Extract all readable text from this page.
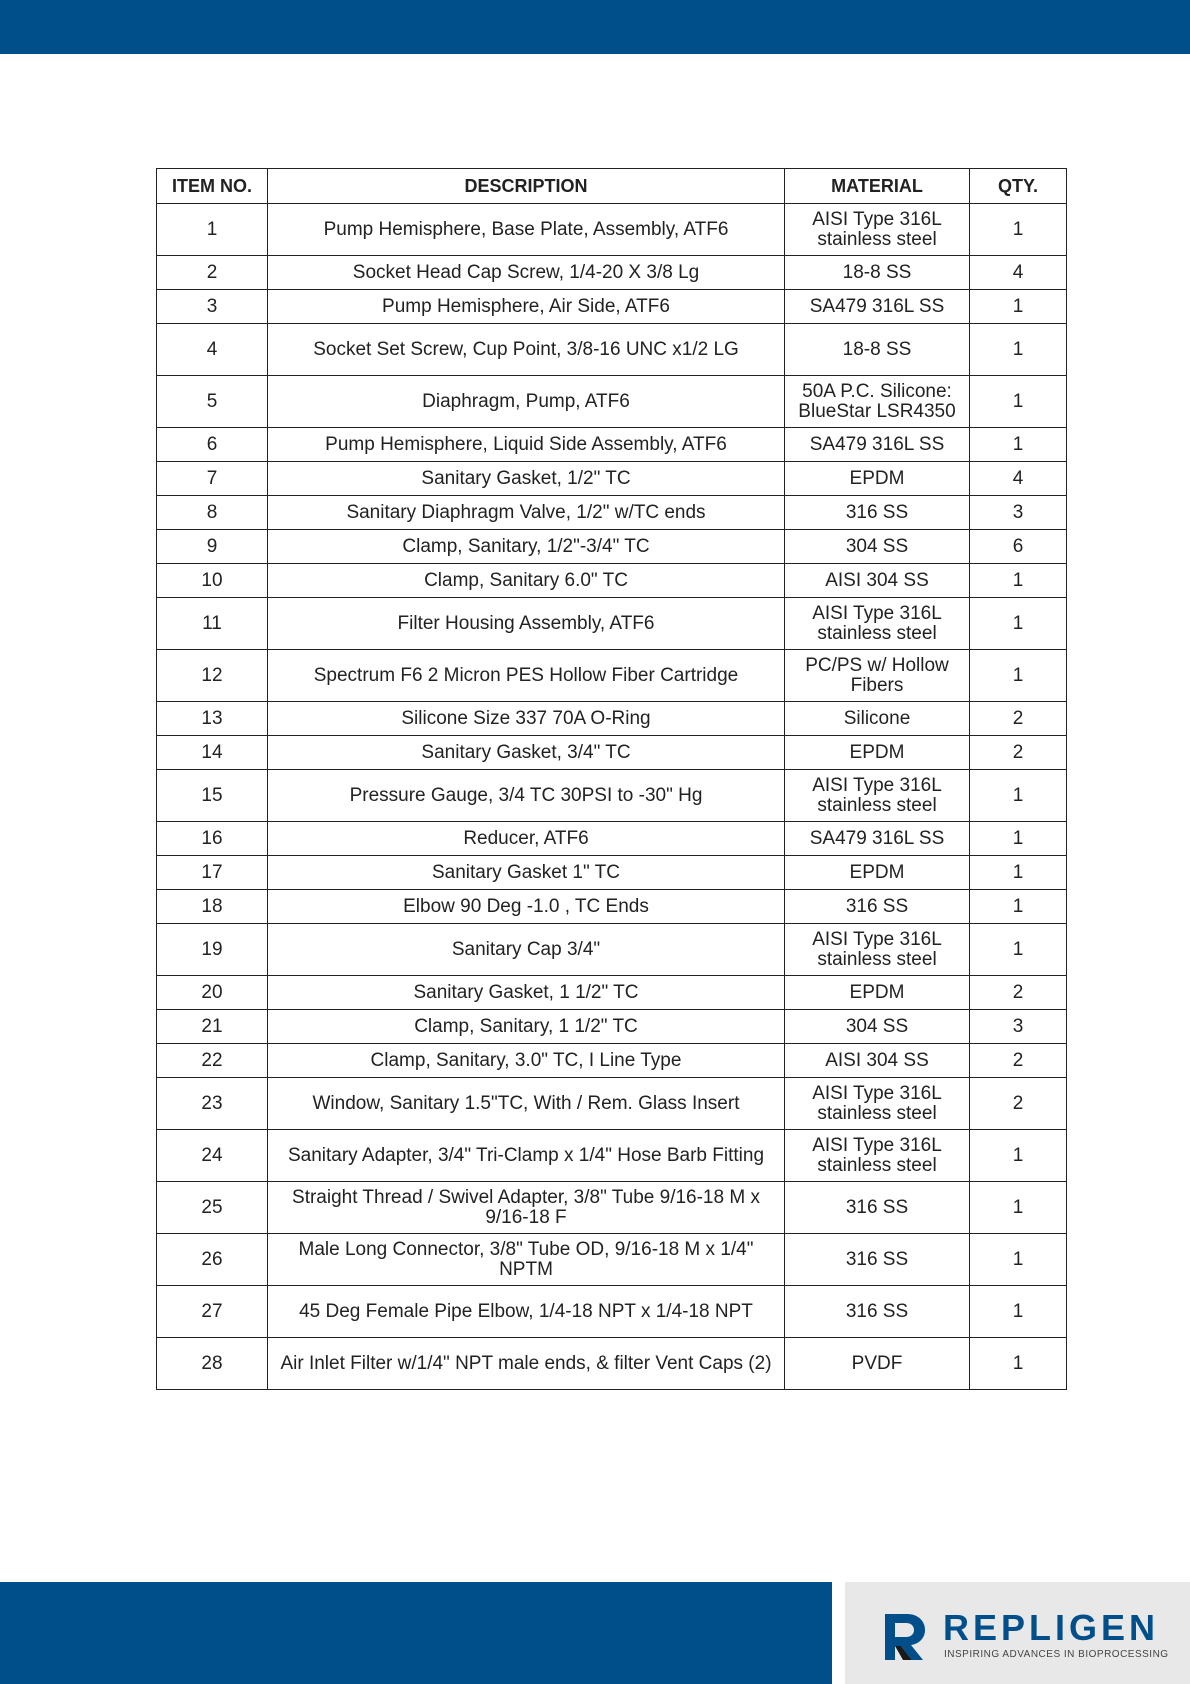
ITEM NO.	DESCRIPTION	MATERIAL	QTY.
1	Pump Hemisphere, Base Plate, Assembly, ATF6	AISI Type 316L stainless steel	1
2	Socket Head Cap Screw, 1/4-20 X 3/8 Lg	18-8 SS	4
3	Pump Hemisphere, Air Side, ATF6	SA479 316L SS	1
4	Socket Set Screw, Cup Point, 3/8-16 UNC x1/2 LG	18-8 SS	1
5	Diaphragm, Pump, ATF6	50A P.C. Silicone: BlueStar LSR4350	1
6	Pump Hemisphere, Liquid Side Assembly, ATF6	SA479 316L SS	1
7	Sanitary Gasket, 1/2" TC	EPDM	4
8	Sanitary Diaphragm Valve, 1/2" w/TC ends	316 SS	3
9	Clamp, Sanitary, 1/2"-3/4" TC	304 SS	6
10	Clamp, Sanitary 6.0" TC	AISI 304 SS	1
11	Filter Housing Assembly, ATF6	AISI Type 316L stainless steel	1
12	Spectrum F6 2 Micron PES Hollow Fiber Cartridge	PC/PS w/ Hollow Fibers	1
13	Silicone Size 337 70A O-Ring	Silicone	2
14	Sanitary Gasket, 3/4" TC	EPDM	2
15	Pressure Gauge, 3/4 TC 30PSI to -30" Hg	AISI Type 316L stainless steel	1
16	Reducer, ATF6	SA479 316L SS	1
17	Sanitary Gasket 1" TC	EPDM	1
18	Elbow 90 Deg -1.0 , TC Ends	316 SS	1
19	Sanitary Cap 3/4"	AISI Type 316L stainless steel	1
20	Sanitary Gasket, 1 1/2" TC	EPDM	2
21	Clamp, Sanitary, 1 1/2" TC	304 SS	3
22	Clamp, Sanitary, 3.0" TC, I Line Type	AISI 304 SS	2
23	Window, Sanitary 1.5"TC, With / Rem. Glass Insert	AISI Type 316L stainless steel	2
24	Sanitary Adapter, 3/4" Tri-Clamp x 1/4" Hose Barb Fitting	AISI Type 316L stainless steel	1
25	Straight Thread / Swivel Adapter, 3/8" Tube 9/16-18 M x 9/16-18 F	316 SS	1
26	Male Long Connector, 3/8" Tube OD, 9/16-18 M x 1/4" NPTM	316 SS	1
27	45 Deg Female Pipe Elbow, 1/4-18 NPT x 1/4-18 NPT	316 SS	1
28	Air Inlet Filter w/1/4" NPT male ends, & filter Vent Caps (2)	PVDF	1
REPLIGEN
INSPIRING ADVANCES IN BIOPROCESSING
